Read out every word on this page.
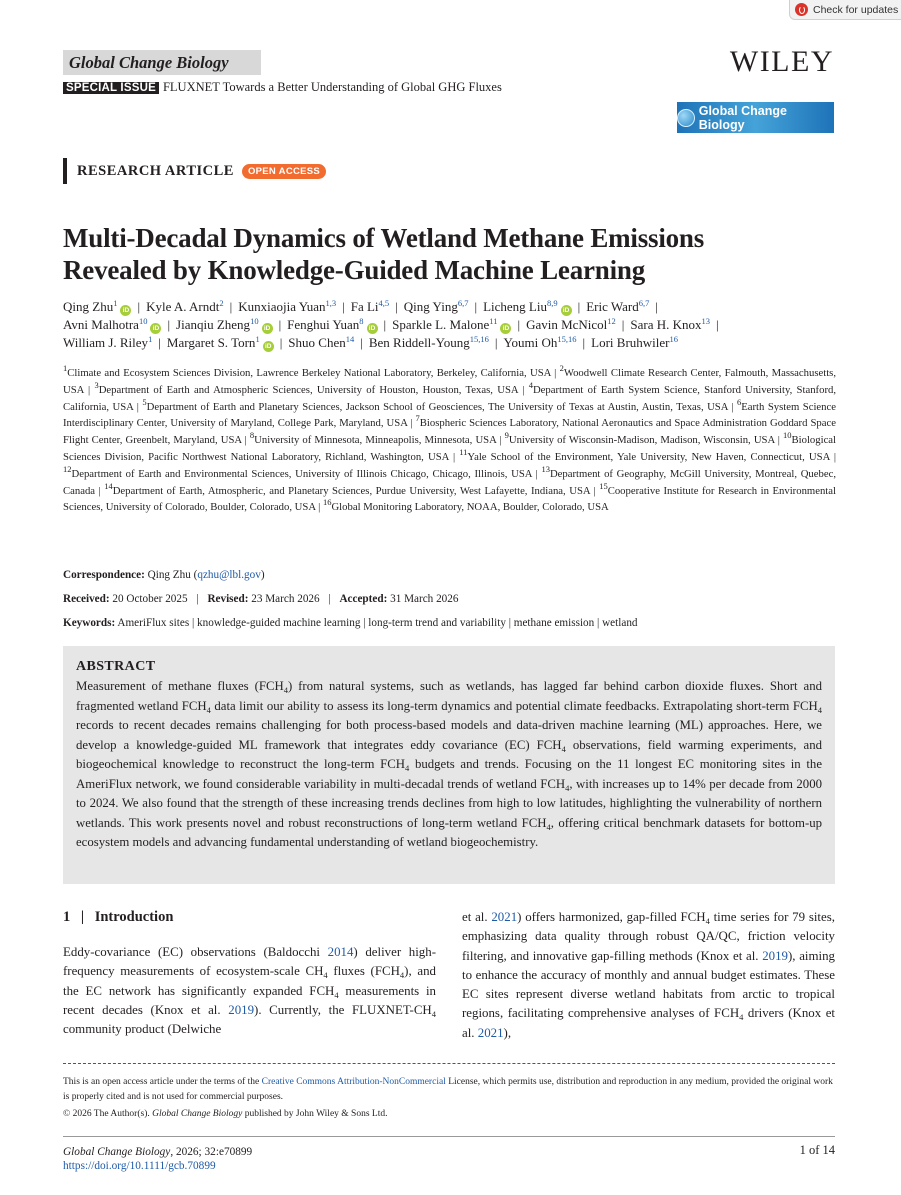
Check for updates
Global Change Biology	WILEY
SPECIAL ISSUE FLUXNET Towards a Better Understanding of Global GHG Fluxes
Global Change Biology
RESEARCH ARTICLE	OPEN ACCESS
Multi-Decadal Dynamics of Wetland Methane Emissions
Revealed by Knowledge-Guided Machine Learning
Qing Zhu$^1$iD | Kyle A. Arndt$^2$ | Kunxiaojia Yuan$^{1,3}$ | Fa Li$^{4,5}$ | Qing Ying$^{6,7}$ | Licheng Liu$^{8,9}$iD | Eric Ward$^{6,7}$ |
Avni Malhotra$^{10}$iD | Jianqiu Zheng$^{10}$iD | Fenghui Yuan$^8$iD | Sparkle L. Malone$^{11}$iD | Gavin McNicol$^{12}$ | Sara H. Knox$^{13}$ |
William J. Riley$^1$ | Margaret S. Torn$^1$iD | Shuo Chen$^{14}$ | Ben Riddell-Young$^{15,16}$ | Youmi Oh$^{15,16}$ | Lori Bruhwiler$^{16}$
$^1$Climate and Ecosystem Sciences Division, Lawrence Berkeley National Laboratory, Berkeley, California, USA | $^2$Woodwell Climate Research Center, Falmouth, Massachusetts, USA | $^3$Department of Earth and Atmospheric Sciences, University of Houston, Houston, Texas, USA | $^4$Department of Earth System Science, Stanford University, Stanford, California, USA | $^5$Department of Earth and Planetary Sciences, Jackson School of Geosciences, The University of Texas at Austin, Austin, Texas, USA | $^6$Earth System Science Interdisciplinary Center, University of Maryland, College Park, Maryland, USA | $^7$Biospheric Sciences Laboratory, National Aeronautics and Space Administration Goddard Space Flight Center, Greenbelt, Maryland, USA | $^8$University of Minnesota, Minneapolis, Minnesota, USA | $^9$University of Wisconsin-Madison, Madison, Wisconsin, USA | $^{10}$Biological Sciences Division, Pacific Northwest National Laboratory, Richland, Washington, USA | $^{11}$Yale School of the Environment, Yale University, New Haven, Connecticut, USA | $^{12}$Department of Earth and Environmental Sciences, University of Illinois Chicago, Chicago, Illinois, USA | $^{13}$Department of Geography, McGill University, Montreal, Quebec, Canada | $^{14}$Department of Earth, Atmospheric, and Planetary Sciences, Purdue University, West Lafayette, Indiana, USA | $^{15}$Cooperative Institute for Research in Environmental Sciences, University of Colorado, Boulder, Colorado, USA | $^{16}$Global Monitoring Laboratory, NOAA, Boulder, Colorado, USA
Correspondence: Qing Zhu (qzhu@lbl.gov)
Received: 20 October 2025 | Revised: 23 March 2026 | Accepted: 31 March 2026
Keywords: AmeriFlux sites | knowledge-guided machine learning | long-term trend and variability | methane emission | wetland
ABSTRACT

Measurement of methane fluxes $(FCH_4)$ from natural systems, such as wetlands, has lagged far behind carbon dioxide fluxes. Short and fragmented wetland $FCH_4$ data limit our ability to assess its long-term dynamics and potential climate feedbacks. Extrapolating short-term $FCH_4$ records to recent decades remains challenging for both process-based models and data-driven machine learning (ML) approaches. Here, we develop a knowledge-guided ML framework that integrates eddy covariance (EC) $FCH_4$ observations, field warming experiments, and biogeochemical knowledge to reconstruct the long-term $FCH_4$ budgets and trends. Focusing on the 11 longest EC monitoring sites in the AmeriFlux network, we found considerable variability in multi-decadal trends of wetland $FCH_4$, with increases up to 14% per decade from 2000 to 2024. We also found that the strength of these increasing trends declines from high to low latitudes, highlighting the vulnerability of northern wetlands. This work presents novel and robust reconstructions of long-term wetland $FCH_4$, offering critical benchmark datasets for bottom-up ecosystem models and advancing fundamental understanding of wetland biogeochemistry.

1 | Introduction
Eddy-covariance (EC) observations (Baldocchi 2014) deliver high-frequency measurements of ecosystem-scale $CH_4$ fluxes $(FCH_4)$, and the EC network has significantly expanded $FCH_4$ measurements in recent decades (Knox et al. 2019). Currently, the FLUXNET-$CH_4$ community product (Delwiche
et al. 2021) offers harmonized, gap-filled $FCH_4$ time series for 79 sites, emphasizing data quality through robust QA/QC, friction velocity filtering, and innovative gap-filling methods (Knox et al. 2019), aiming to enhance the accuracy of monthly and annual budget estimates. These EC sites represent diverse wetland habitats from arctic to tropical regions, facilitating comprehensive analyses of $FCH_4$ drivers (Knox et al. 2021),
This is an open access article under the terms of the Creative Commons Attribution-NonCommercial License, which permits use, distribution and reproduction in any medium, provided the original work is properly cited and is not used for commercial purposes.
© 2026 The Author(s). Global Change Biology published by John Wiley & Sons Ltd.
Global Change Biology, 2026; 32:e70899
https://doi.org/10.1111/gcb.70899
1 of 14
